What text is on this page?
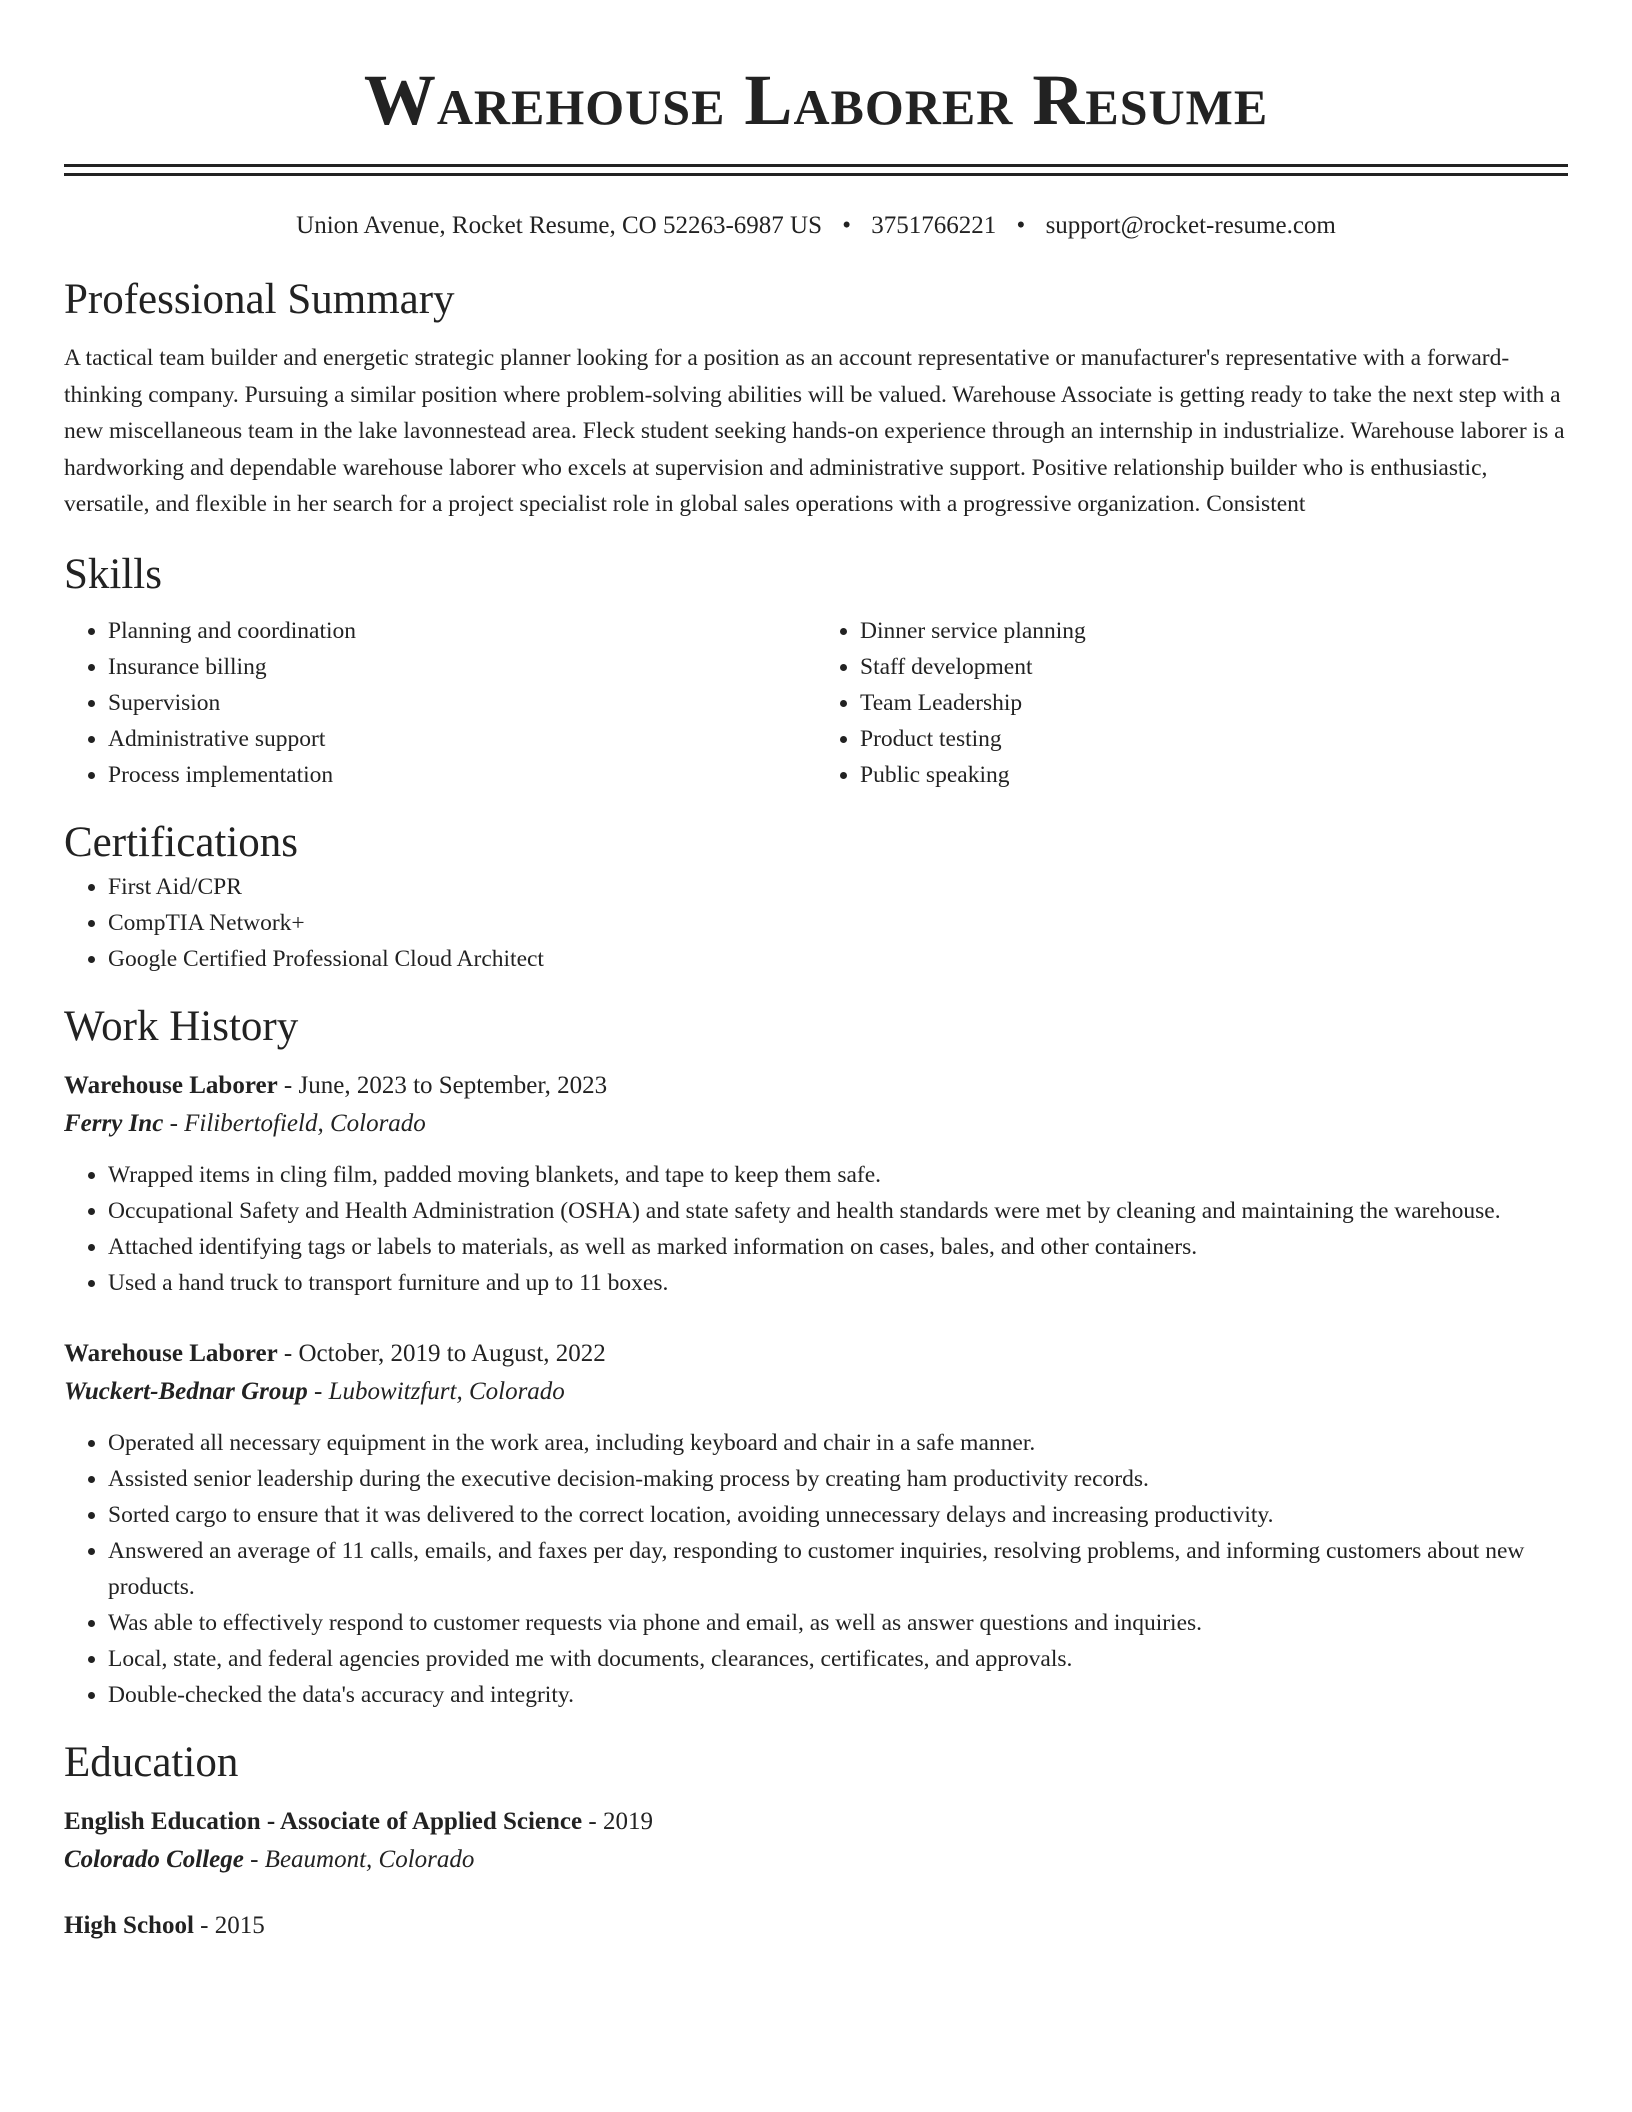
Warehouse Laborer Resume
Union Avenue, Rocket Resume, CO 52263-6987 US • 3751766221 • support@rocket-resume.com
Professional Summary
A tactical team builder and energetic strategic planner looking for a position as an account representative or manufacturer's representative with a forward-thinking company. Pursuing a similar position where problem-solving abilities will be valued. Warehouse Associate is getting ready to take the next step with a new miscellaneous team in the lake lavonnestead area. Fleck student seeking hands-on experience through an internship in industrialize. Warehouse laborer is a hardworking and dependable warehouse laborer who excels at supervision and administrative support. Positive relationship builder who is enthusiastic, versatile, and flexible in her search for a project specialist role in global sales operations with a progressive organization. Consistent
Skills
• Planning and coordination
• Insurance billing
• Supervision
• Administrative support
• Process implementation
• Dinner service planning
• Staff development
• Team Leadership
• Product testing
• Public speaking
Certifications
• First Aid/CPR
• CompTIA Network+
• Google Certified Professional Cloud Architect
Work History
Warehouse Laborer - June, 2023 to September, 2023
Ferry Inc - Filibertofield, Colorado
• Wrapped items in cling film, padded moving blankets, and tape to keep them safe.
• Occupational Safety and Health Administration (OSHA) and state safety and health standards were met by cleaning and maintaining the warehouse.
• Attached identifying tags or labels to materials, as well as marked information on cases, bales, and other containers.
• Used a hand truck to transport furniture and up to 11 boxes.
Warehouse Laborer - October, 2019 to August, 2022
Wuckert-Bednar Group - Lubowitzfurt, Colorado
• Operated all necessary equipment in the work area, including keyboard and chair in a safe manner.
• Assisted senior leadership during the executive decision-making process by creating ham productivity records.
• Sorted cargo to ensure that it was delivered to the correct location, avoiding unnecessary delays and increasing productivity.
• Answered an average of 11 calls, emails, and faxes per day, responding to customer inquiries, resolving problems, and informing customers about new products.
• Was able to effectively respond to customer requests via phone and email, as well as answer questions and inquiries.
• Local, state, and federal agencies provided me with documents, clearances, certificates, and approvals.
• Double-checked the data's accuracy and integrity.
Education
English Education - Associate of Applied Science - 2019
Colorado College - Beaumont, Colorado
High School - 2015
